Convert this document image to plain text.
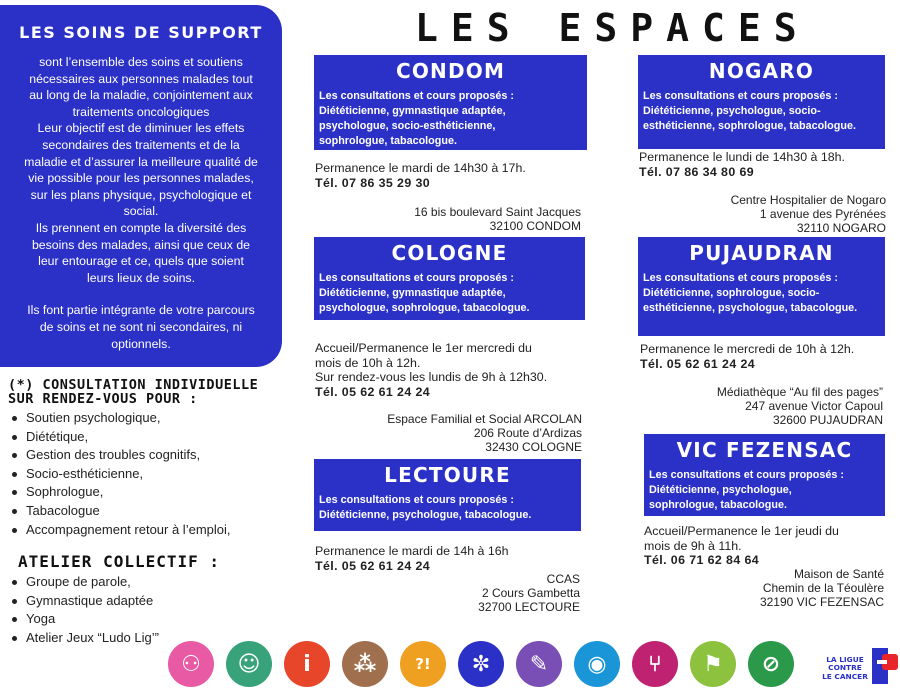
LES SOINS DE SUPPORT

sont l’ensemble des soins et soutiens

nécessaires aux personnes malades tout

au long de la maladie, conjointement aux

traitements oncologiques

Leur objectif est de diminuer les effets

secondaires des traitements et de la

maladie et d’assurer la meilleure qualité de

vie possible pour les personnes malades,

sur les plans physique, psychologique et

social.

Ils prennent en compte la diversité des

besoins des malades, ainsi que ceux de

leur entourage et ce, quels que soient

leurs lieux de soins.

Ils font partie intégrante de votre parcours

de soins et ne sont ni secondaires, ni

optionnels.

(*) CONSULTATION INDIVIDUELLE
SUR RENDEZ-VOUS POUR :
Soutien psychologique,
Diététique,
Gestion des troubles cognitifs,
Socio-esthéticienne,
Sophrologue,
Tabacologue
Accompagnement retour à l’emploi,
ATELIER COLLECTIF :
Groupe de parole,
Gymnastique adaptée
Yoga
Atelier Jeux “Ludo Lig’”
LES ESPACES
CONDOM
Les consultations et cours proposés :
Diététicienne, gymnastique adaptée,
psychologue, socio-esthéticienne,
sophrologue, tabacologue.
Permanence le mardi de 14h30 à 17h.
Tél. 07 86 35 29 30
16 bis boulevard Saint Jacques
32100 CONDOM
COLOGNE
Les consultations et cours proposés :
Diététicienne, gymnastique adaptée,
psychologue, sophrologue, tabacologue.
Accueil/Permanence le 1er mercredi du
mois de 10h à 12h.
Sur rendez-vous les lundis de 9h à 12h30.
Tél. 05 62 61 24 24
Espace Familial et Social ARCOLAN
206 Route d’Ardizas
32430 COLOGNE
LECTOURE
Les consultations et cours proposés :
Diététicienne, psychologue, tabacologue.
Permanence le mardi de 14h à 16h
Tél. 05 62 61 24 24
CCAS
2 Cours Gambetta
32700 LECTOURE
NOGARO
Les consultations et cours proposés :
Diététicienne, psychologue, socio-
esthéticienne, sophrologue, tabacologue.
Permanence le lundi de 14h30 à 18h.
Tél. 07 86 34 80 69
Centre Hospitalier de Nogaro
1 avenue des Pyrénées
32110 NOGARO
PUJAUDRAN
Les consultations et cours proposés :
Diététicienne, sophrologue, socio-
esthéticienne, psychologue, tabacologue.
Permanence le mercredi de 10h à 12h.
Tél. 05 62 61 24 24
Médiathèque “Au fil des pages”
247 avenue Victor Capoul
32600 PUJAUDRAN
VIC FEZENSAC
Les consultations et cours proposés :
Diététicienne, psychologue,
sophrologue, tabacologue.
Accueil/Permanence le 1er jeudi du
mois de 9h à 11h.
Tél. 06 71 62 84 64
Maison de Santé
Chemin de la Téoulère
32190 VIC FEZENSAC
⚇	☺	i	⁂	?!	✼	✎	◉	⑂	⚑	⊘	LA LIGUE
CONTRE
LE CANCER
